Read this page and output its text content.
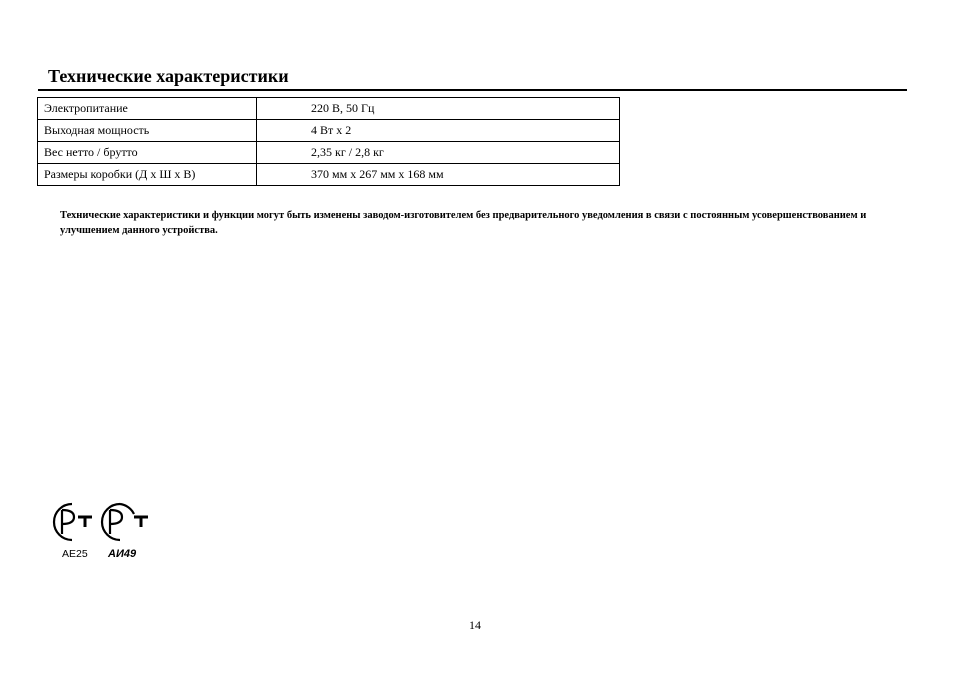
Технические характеристики
Электропитание	220 В, 50 Гц
Выходная мощность	4 Вт х 2
Вес нетто / брутто	2,35 кг / 2,8 кг
Размеры коробки (Д х Ш х В)	370 мм х 267 мм х 168 мм

Технические характеристики и функции могут быть изменены заводом-изготовителем без предварительного уведомления в связи с постоянным усовершенствованием и улучшением данного устройства.

AE25 АИ49
14
